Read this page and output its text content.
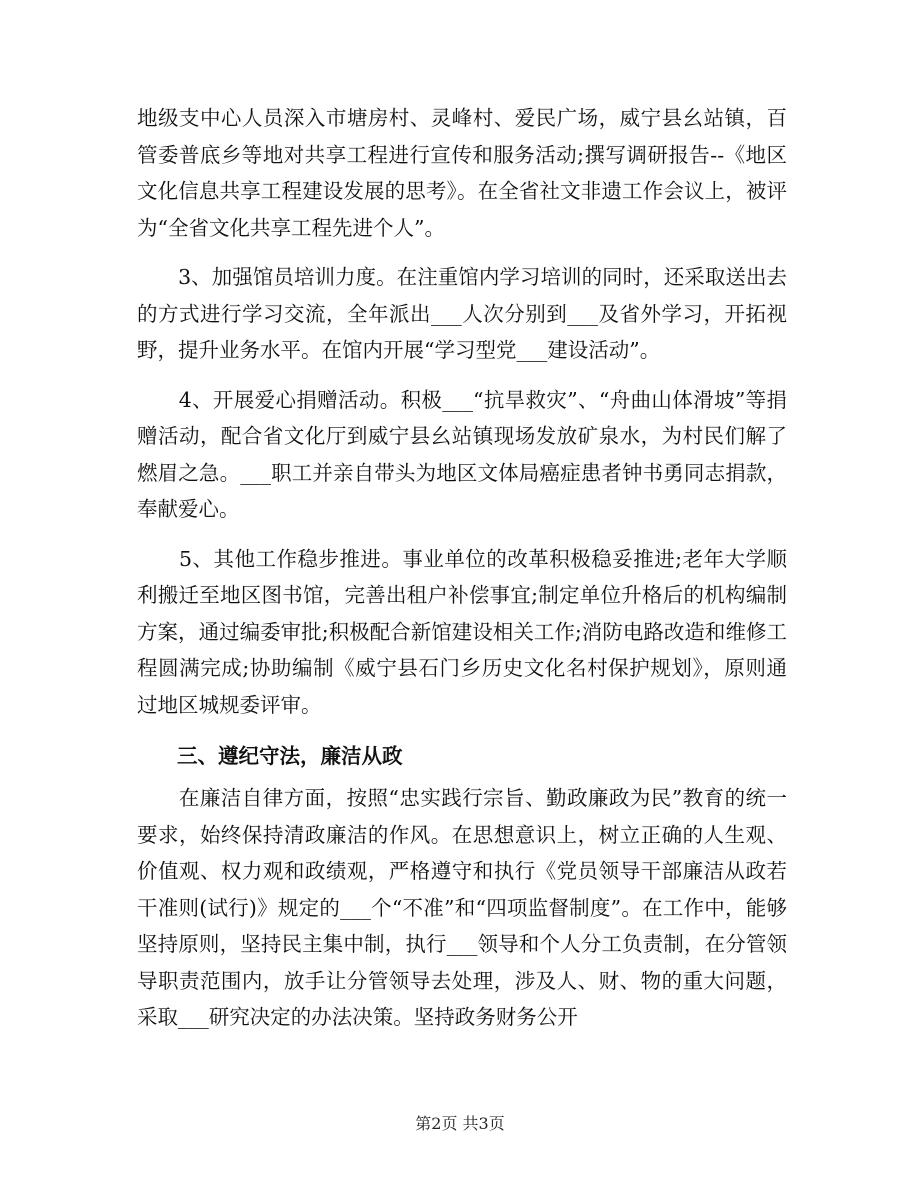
地级支中心人员深入市塘房村、灵峰村、爱民广场，威宁县幺站镇，百管委普底乡等地对共享工程进行宣传和服务活动;撰写调研报告--《地区文化信息共享工程建设发展的思考》。在全省社文非遗工作会议上，被评为“全省文化共享工程先进个人”。

　　3、加强馆员培训力度。在注重馆内学习培训的同时，还采取送出去的方式进行学习交流，全年派出___人次分别到___及省外学习，开拓视野，提升业务水平。在馆内开展“学习型党___建设活动”。

　　4、开展爱心捐赠活动。积极___“抗旱救灾”、“舟曲山体滑坡”等捐赠活动，配合省文化厅到威宁县幺站镇现场发放矿泉水，为村民们解了燃眉之急。___职工并亲自带头为地区文体局癌症患者钟书勇同志捐款，奉献爱心。

　　5、其他工作稳步推进。事业单位的改革积极稳妥推进;老年大学顺利搬迁至地区图书馆，完善出租户补偿事宜;制定单位升格后的机构编制方案，通过编委审批;积极配合新馆建设相关工作;消防电路改造和维修工程圆满完成;协助编制《威宁县石门乡历史文化名村保护规划》，原则通过地区城规委评审。

三、遵纪守法，廉洁从政

　　在廉洁自律方面，按照“忠实践行宗旨、勤政廉政为民”教育的统一要求，始终保持清政廉洁的作风。在思想意识上，树立正确的人生观、价值观、权力观和政绩观，严格遵守和执行《党员领导干部廉洁从政若干准则(试行)》规定的___个“不准”和“四项监督制度”。在工作中，能够坚持原则，坚持民主集中制，执行___领导和个人分工负责制，在分管领导职责范围内，放手让分管领导去处理，涉及人、财、物的重大问题，采取___研究决定的办法决策。坚持政务财务公开

第2页 共3页
